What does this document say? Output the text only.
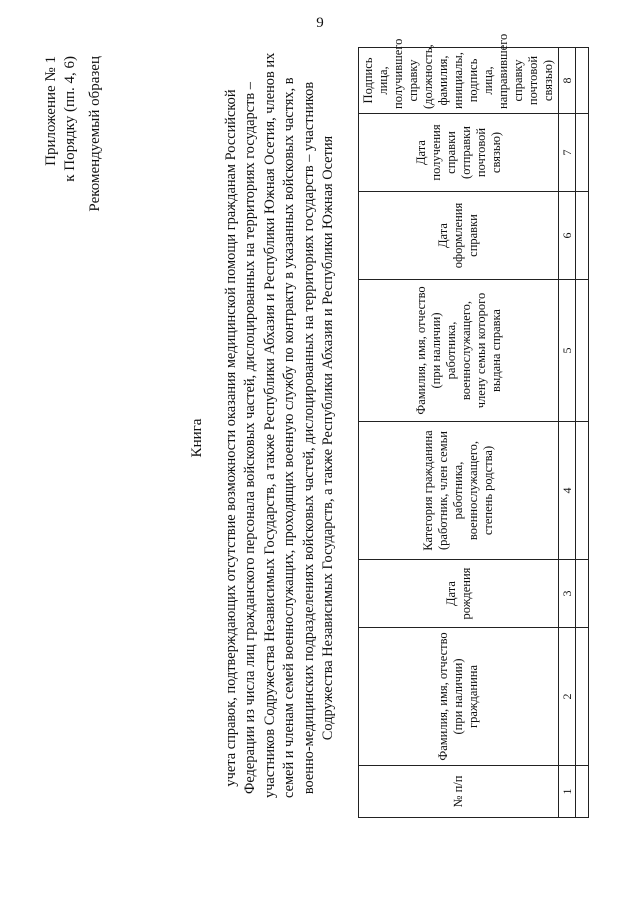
9
Приложение № 1 к Порядку (пп. 4, 6) Рекомендуемый образец
Книга учета справок, подтверждающих отсутствие возможности оказания медицинской помощи гражданам Российской Федерации из числа лиц гражданского персонала войсковых частей, дислоцированных на территориях государств – участников Содружества Независимых Государств, а также Республики Абхазия и Республики Южная Осетия, членов их семей и членам семей военнослужащих, проходящих военную службу по контракту в указанных войсковых частях, в военно-медицинских подразделениях войсковых частей, дислоцированных на территориях государств – участников Содружества Независимых Государств, а также Республики Абхазия и Республики Южная Осетия
№ п/п	Фамилия, имя, отчество (при наличии) гражданина	Дата рождения	Категория гражданина (работник, член семьи работника, военнослужащего, степень родства)	Фамилия, имя, отчество (при наличии) работника, военнослужащего, члену семьи которого выдана справка	Дата оформления справки	Дата получения справки (отправки почтовой связью)	Подпись лица, получившего справку (должность, фамилия, инициалы, подпись лица, направившего справку почтовой связью)
1	2	3	4	5	6	7	8
